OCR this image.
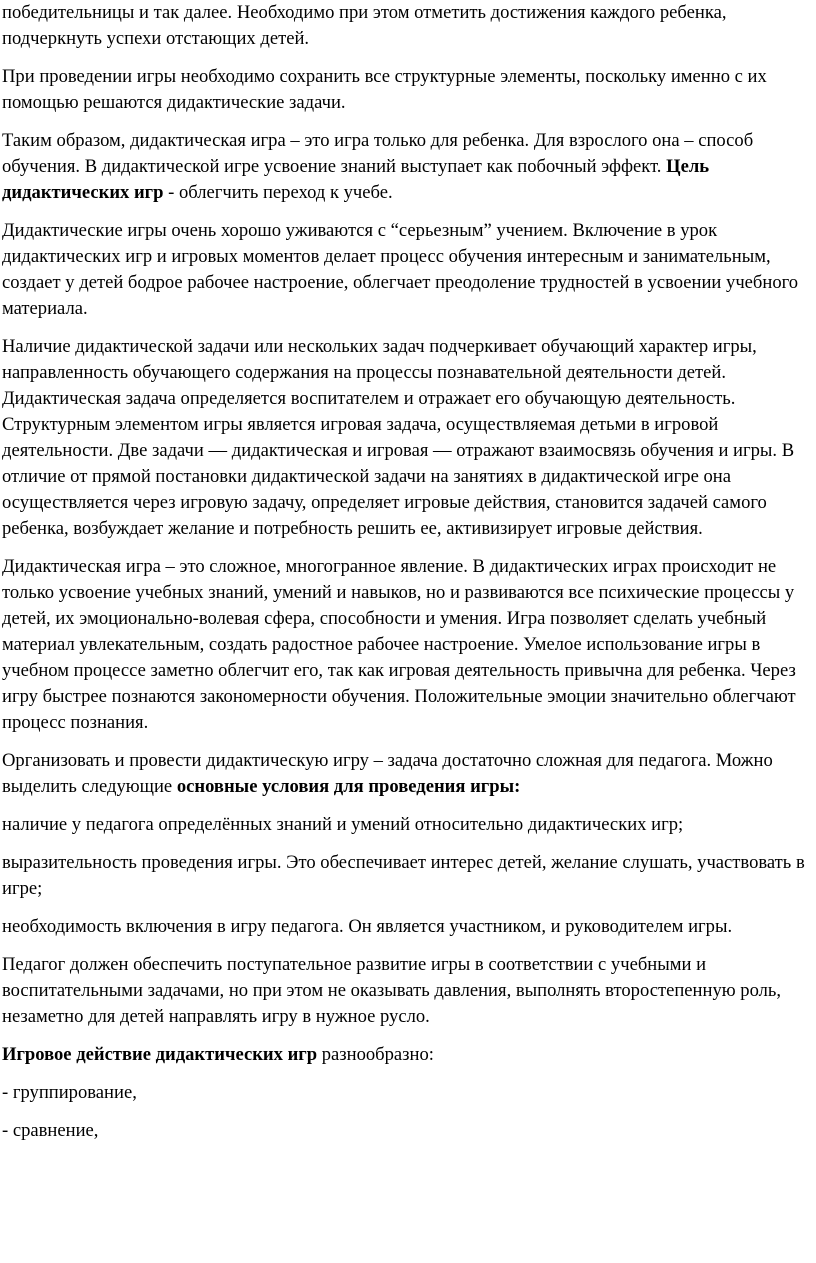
победительницы и так далее. Необходимо при этом отметить достижения каждого ребенка, подчеркнуть успехи отстающих детей.

При проведении игры необходимо сохранить все структурные элементы, поскольку именно с их помощью решаются дидактические задачи.

Таким образом, дидактическая игра – это игра только для ребенка. Для взрослого она – способ обучения. В дидактической игре усвоение знаний выступает как побочный эффект. Цель дидактических игр - облегчить переход к учебе.

Дидактические игры очень хорошо уживаются с “серьезным” учением. Включение в урок дидактических игр и игровых моментов делает процесс обучения интересным и занимательным, создает у детей бодрое рабочее настроение, облегчает преодоление трудностей в усвоении учебного материала.

Наличие дидактической задачи или нескольких задач подчеркивает обучающий характер игры, направленность обучающего содержания на процессы познавательной деятельности детей. Дидактическая задача определяется воспитателем и отражает его обучающую деятельность. Структурным элементом игры является игровая задача, осуществляемая детьми в игровой деятельности. Две задачи — дидактическая и игровая — отражают взаимосвязь обучения и игры. В отличие от прямой постановки дидактической задачи на занятиях в дидактической игре она осуществляется через игровую задачу, определяет игровые действия, становится задачей самого ребенка, возбуждает желание и потребность решить ее, активизирует игровые действия.

Дидактическая игра – это сложное, многогранное явление. В дидактических играх происходит не только усвоение учебных знаний, умений и навыков, но и развиваются все психические процессы у детей, их эмоционально-волевая сфера, способности и умения. Игра позволяет сделать учебный материал увлекательным, создать радостное рабочее настроение. Умелое использование игры в учебном процессе заметно облегчит его, так как игровая деятельность привычна для ребенка. Через игру быстрее познаются закономерности обучения. Положительные эмоции значительно облегчают процесс познания.

Организовать и провести дидактическую игру – задача достаточно сложная для педагога. Можно выделить следующие основные условия для проведения игры:

наличие у педагога определённых знаний и умений относительно дидактических игр;

выразительность проведения игры. Это обеспечивает интерес детей, желание слушать, участвовать в игре;

необходимость включения в игру педагога. Он является участником, и руководителем игры.

Педагог должен обеспечить поступательное развитие игры в соответствии с учебными и воспитательными задачами, но при этом не оказывать давления, выполнять второстепенную роль, незаметно для детей направлять игру в нужное русло.

Игровое действие дидактических игр разнообразно:

- группирование,

- сравнение,
